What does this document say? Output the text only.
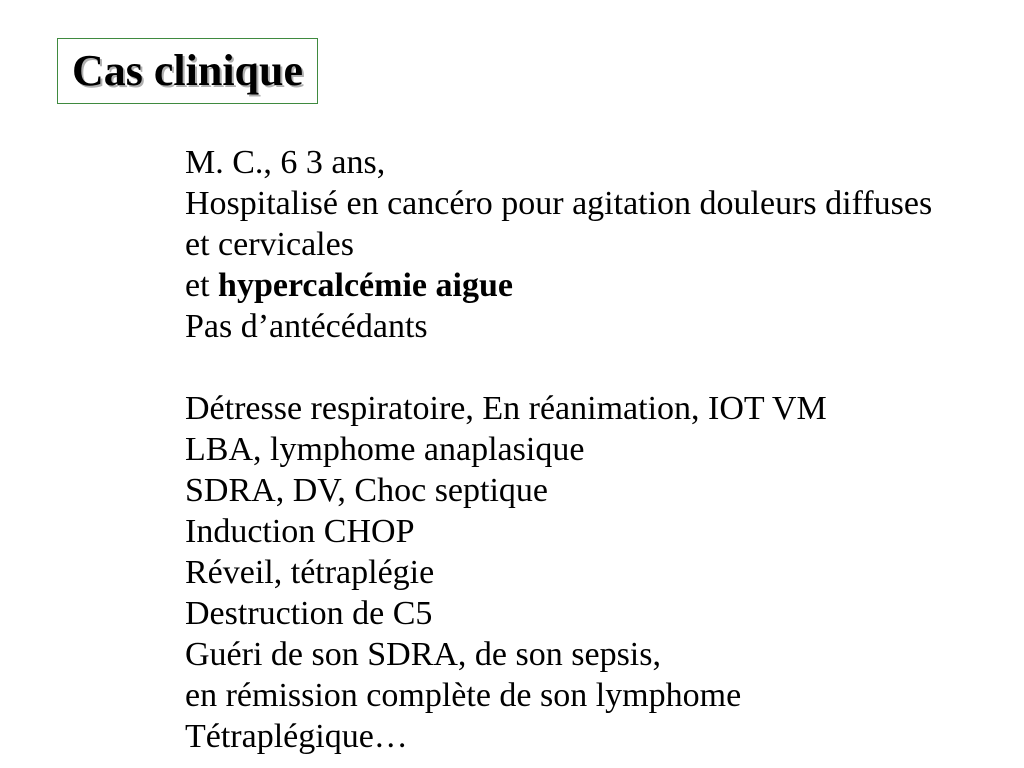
Cas clinique
M. C., 6 3 ans,
Hospitalisé en cancéro pour agitation douleurs diffuses
et cervicales
et hypercalcémie aigue
Pas d’antécédants
Détresse respiratoire, En réanimation, IOT VM
LBA, lymphome anaplasique
SDRA, DV, Choc septique
Induction CHOP
Réveil, tétraplégie
Destruction de C5
Guéri de son SDRA, de son sepsis,
en rémission complète de son lymphome
Tétraplégique…
